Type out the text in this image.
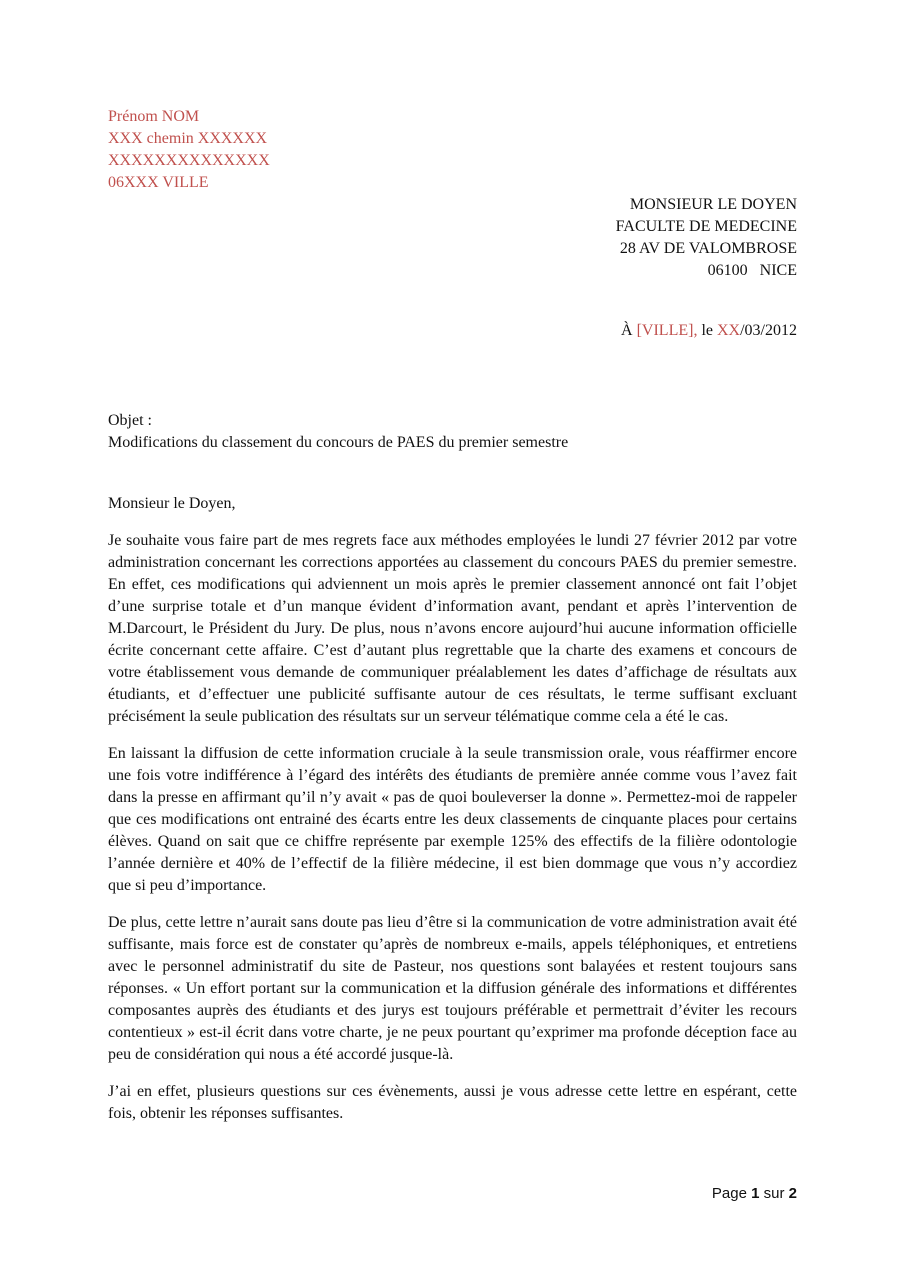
Prénom NOM
XXX chemin XXXXXX
XXXXXXXXXXXXXX
06XXX VILLE
MONSIEUR LE DOYEN
FACULTE DE MEDECINE
28 AV DE VALOMBROSE
06100   NICE
À [VILLE], le XX/03/2012
Objet :
Modifications du classement du concours de PAES du premier semestre
Monsieur le Doyen,

Je souhaite vous faire part de mes regrets face aux méthodes employées le lundi 27 février 2012 par votre administration concernant les corrections apportées au classement du concours PAES du premier semestre. En effet, ces modifications qui adviennent un mois après le premier classement annoncé ont fait l’objet d’une surprise totale et d’un manque évident d’information avant, pendant et après l’intervention de M.Darcourt, le Président du Jury. De plus, nous n’avons encore aujourd’hui aucune information officielle écrite concernant cette affaire. C’est d’autant plus regrettable que la charte des examens et concours de votre établissement vous demande de communiquer préalablement les dates d’affichage de résultats aux étudiants, et d’effectuer une publicité suffisante autour de ces résultats, le terme suffisant excluant précisément la seule publication des résultats sur un serveur télématique comme cela a été le cas.

En laissant la diffusion de cette information cruciale à la seule transmission orale, vous réaffirmer encore une fois votre indifférence à l’égard des intérêts des étudiants de première année comme vous l’avez fait dans la presse en affirmant qu’il n’y avait « pas de quoi bouleverser la donne ». Permettez-moi de rappeler que ces modifications ont entrainé des écarts entre les deux classements de cinquante places pour certains élèves. Quand on sait que ce chiffre représente par exemple 125% des effectifs de la filière odontologie l’année dernière et 40% de l’effectif de la filière médecine, il est bien dommage que vous n’y accordiez que si peu d’importance.

De plus, cette lettre n’aurait sans doute pas lieu d’être si la communication de votre administration avait été suffisante, mais force est de constater qu’après de nombreux e-mails, appels téléphoniques, et entretiens avec le personnel administratif du site de Pasteur, nos questions sont balayées et restent toujours sans réponses. « Un effort portant sur la communication et la diffusion générale des informations et différentes composantes auprès des étudiants et des jurys est toujours préférable et permettrait d’éviter les recours contentieux » est-il écrit dans votre charte, je ne peux pourtant qu’exprimer ma profonde déception face au peu de considération qui nous a été accordé jusque-là.

J’ai en effet, plusieurs questions sur ces évènements, aussi je vous adresse cette lettre en espérant, cette fois, obtenir les réponses suffisantes.

Page 1 sur 2
